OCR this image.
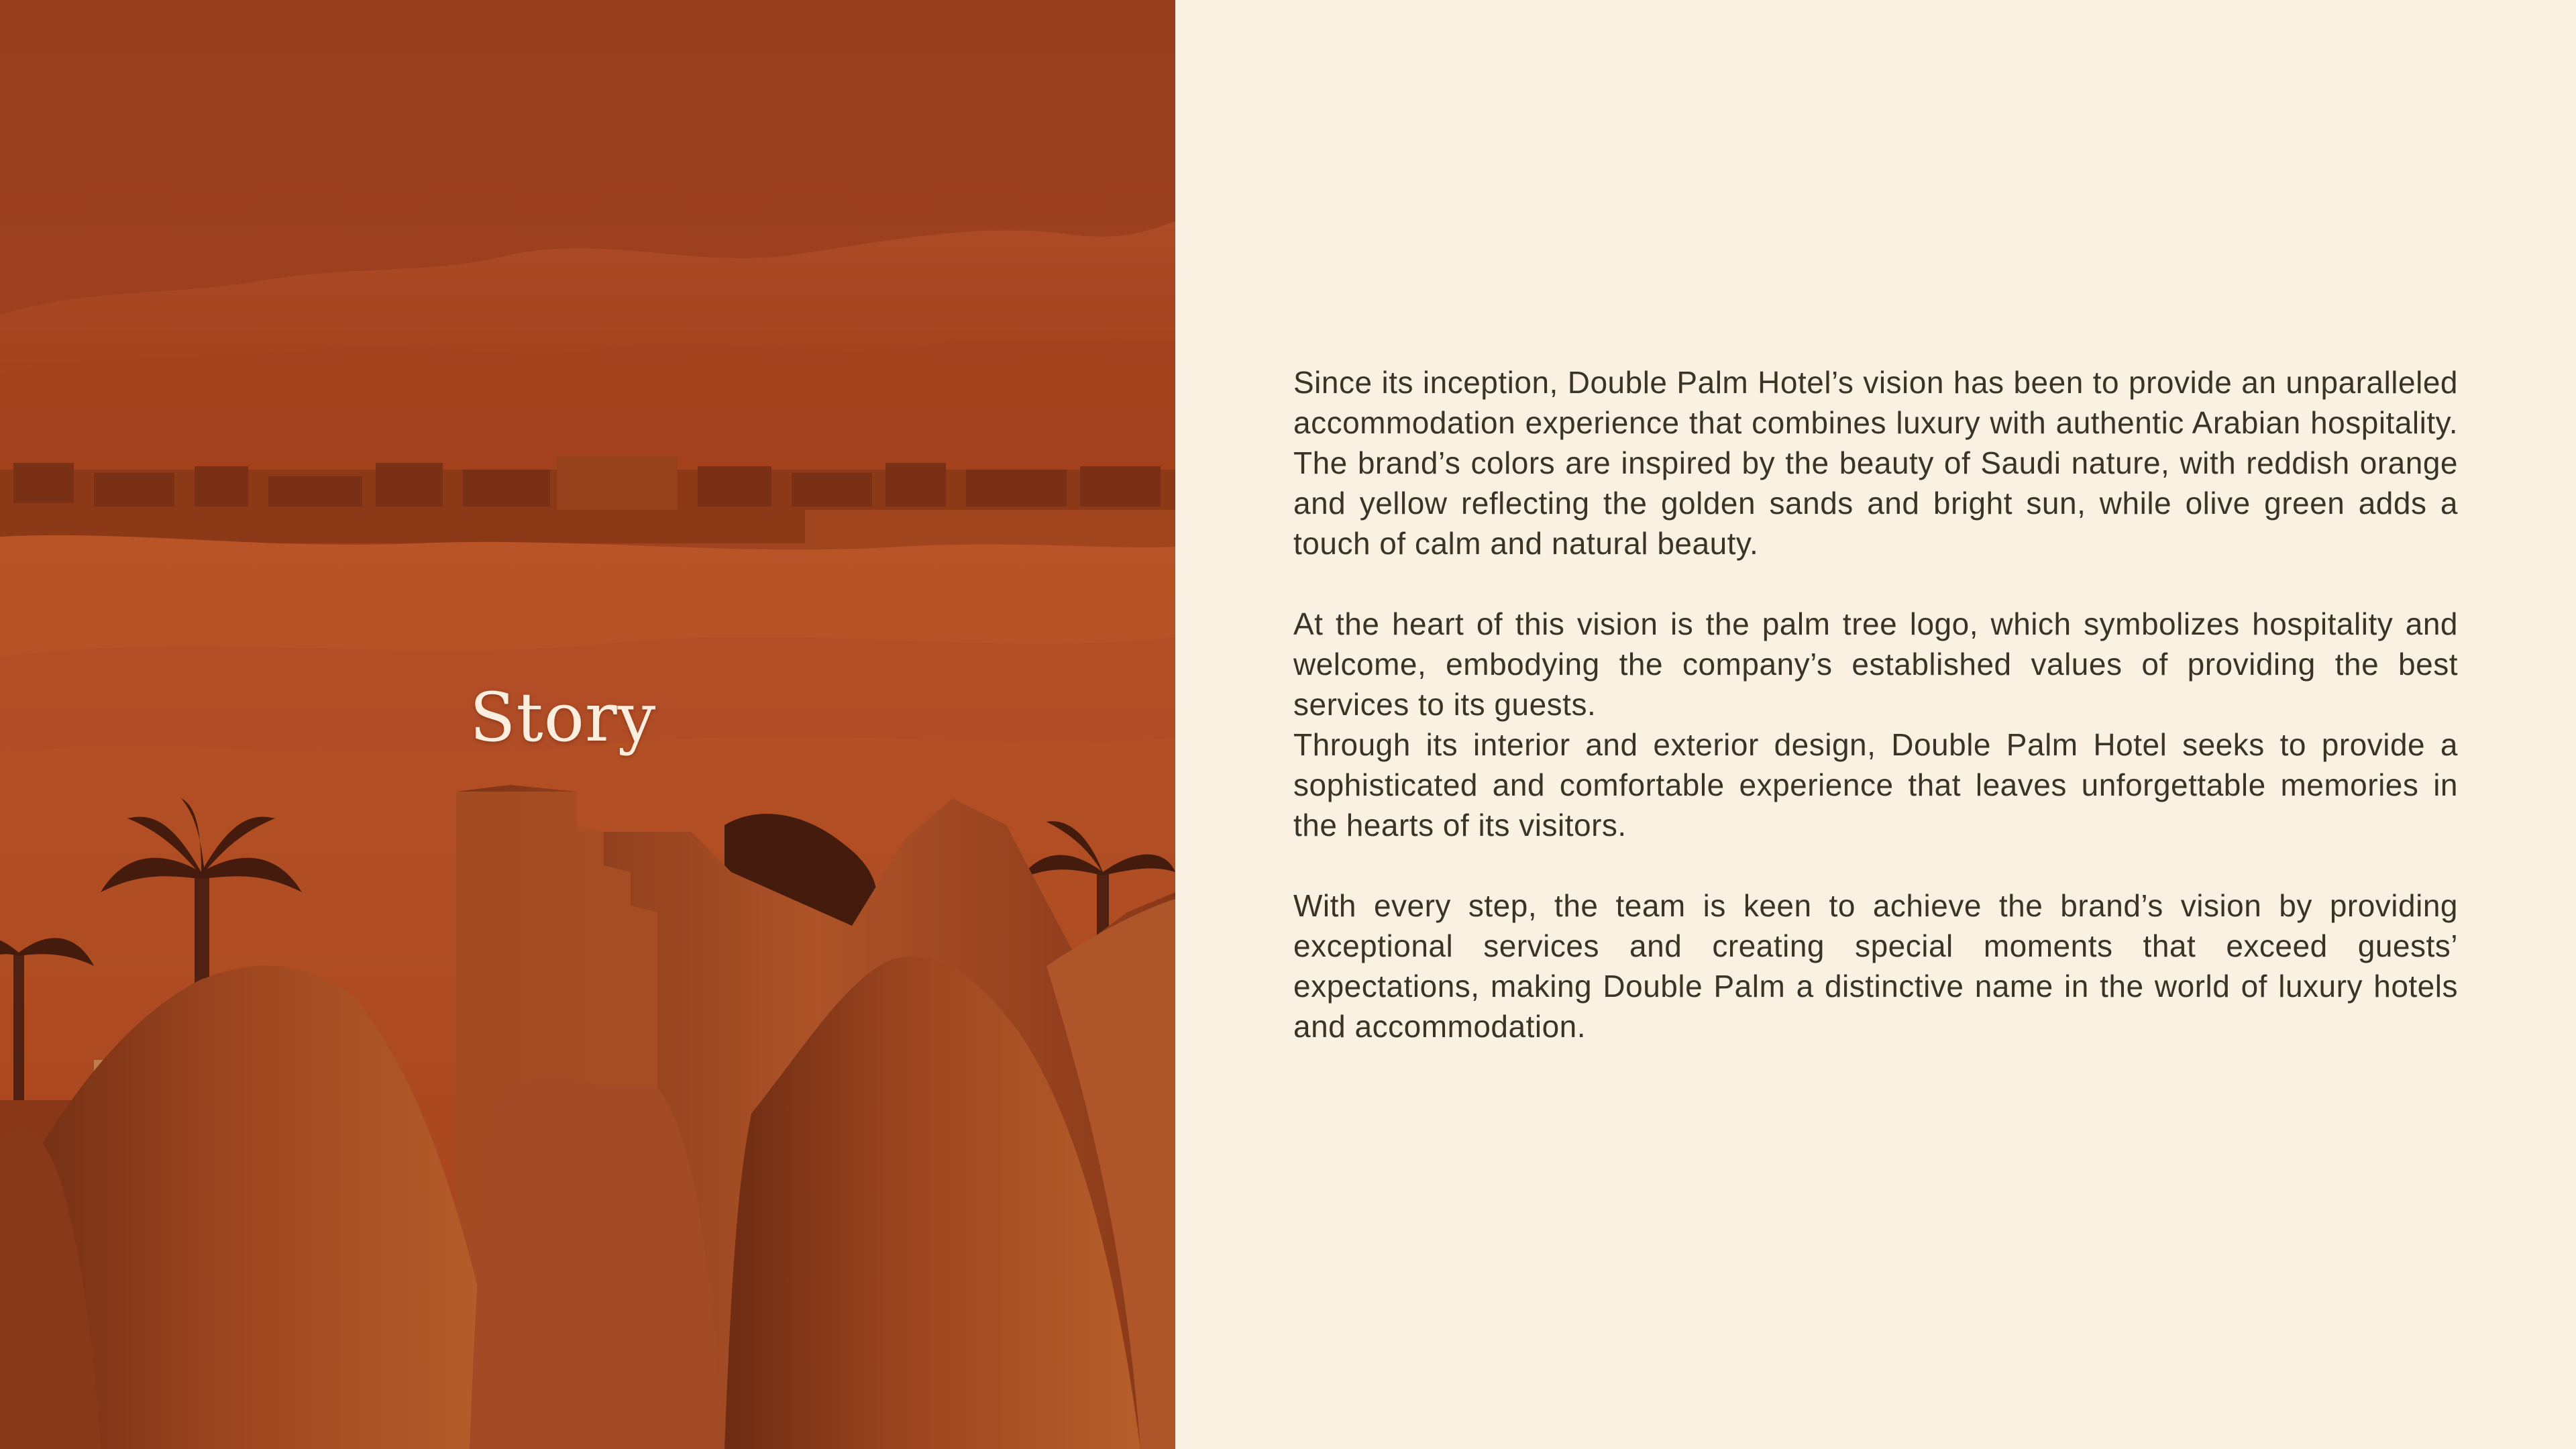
Story

Since its inception, Double Palm Hotel’s vision has been to provide an unparalleled accommodation experience that combines luxury with authentic Arabian hospitality. The brand’s colors are inspired by the beauty of Saudi nature, with reddish orange and yellow reflecting the golden sands and bright sun, while olive green adds a touch of calm and natural beauty.

At the heart of this vision is the palm tree logo, which symbolizes hospitality and welcome, embodying the company’s established values of providing the best services to its guests.

Through its interior and exterior design, Double Palm Hotel seeks to provide a sophisticated and comfortable experience that leaves unforgettable memories in the hearts of its visitors.

With every step, the team is keen to achieve the brand’s vision by providing exceptional services and creating special moments that exceed guests’ expectations, making Double Palm a distinctive name in the world of luxury hotels and accommodation.
